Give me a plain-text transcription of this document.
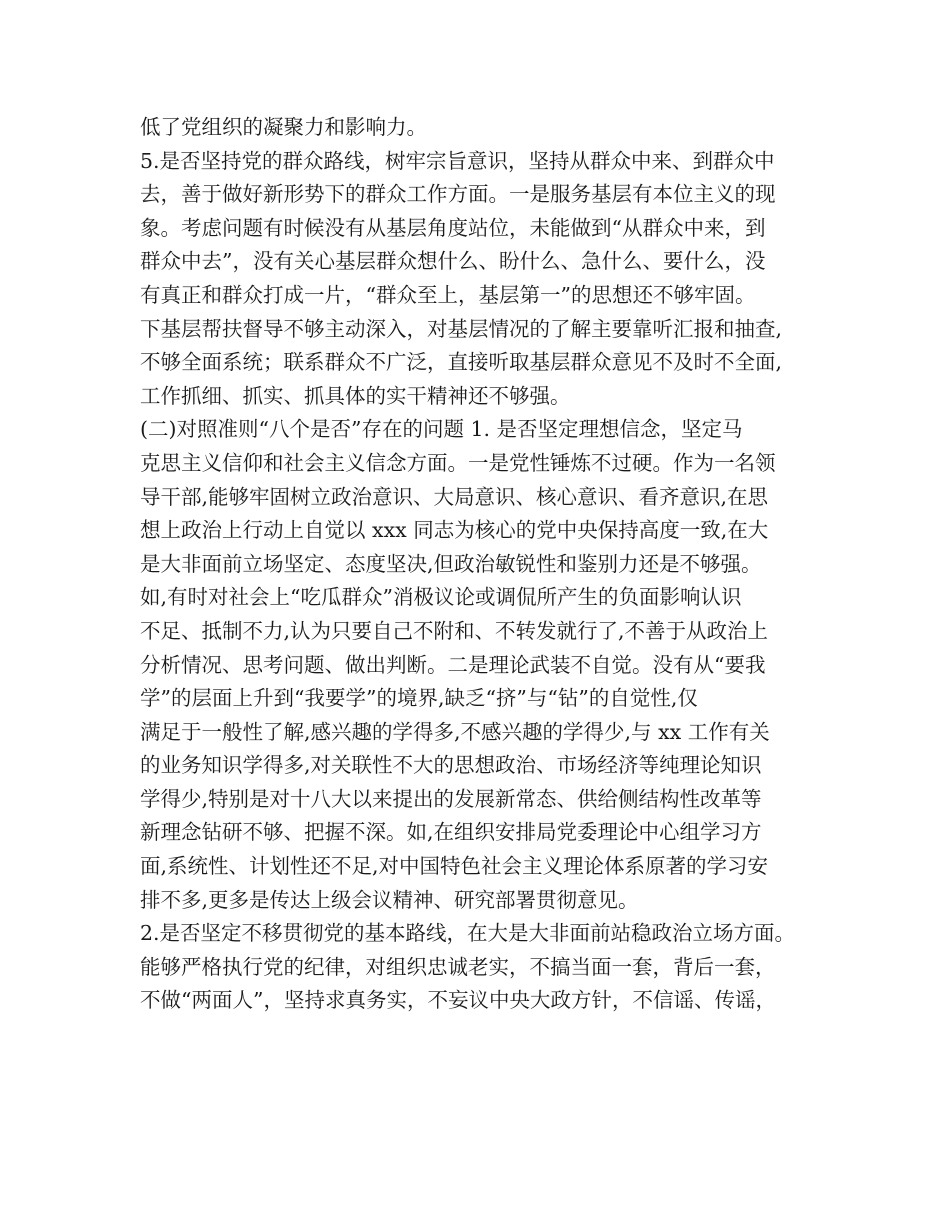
低了党组织的凝聚力和影响力。
5.是否坚持党的群众路线，树牢宗旨意识，坚持从群众中来、到群众中
去，善于做好新形势下的群众工作方面。一是服务基层有本位主义的现
象。考虑问题有时候没有从基层角度站位，未能做到“从群众中来，到
群众中去”，没有关心基层群众想什么、盼什么、急什么、要什么，没
有真正和群众打成一片，“群众至上，基层第一”的思想还不够牢固。
下基层帮扶督导不够主动深入，对基层情况的了解主要靠听汇报和抽查,
不够全面系统；联系群众不广泛，直接听取基层群众意见不及时不全面,
工作抓细、抓实、抓具体的实干精神还不够强。
(二)对照准则“八个是否”存在的问题 1. 是否坚定理想信念，坚定马
克思主义信仰和社会主义信念方面。一是党性锤炼不过硬。作为一名领
导干部,能够牢固树立政治意识、大局意识、核心意识、看齐意识,在思
想上政治上行动上自觉以 xxx 同志为核心的党中央保持高度一致,在大
是大非面前立场坚定、态度坚决,但政治敏锐性和鉴别力还是不够强。
如,有时对社会上“吃瓜群众”消极议论或调侃所产生的负面影响认识
不足、抵制不力,认为只要自己不附和、不转发就行了,不善于从政治上
分析情况、思考问题、做出判断。二是理论武装不自觉。没有从“要我
学”的层面上升到“我要学”的境界,缺乏“挤”与“钻”的自觉性,仅
满足于一般性了解,感兴趣的学得多,不感兴趣的学得少,与 xx 工作有关
的业务知识学得多,对关联性不大的思想政治、市场经济等纯理论知识
学得少,特别是对十八大以来提出的发展新常态、供给侧结构性改革等
新理念钻研不够、把握不深。如,在组织安排局党委理论中心组学习方
面,系统性、计划性还不足,对中国特色社会主义理论体系原著的学习安
排不多,更多是传达上级会议精神、研究部署贯彻意见。
2.是否坚定不移贯彻党的基本路线，在大是大非面前站稳政治立场方面。
能够严格执行党的纪律，对组织忠诚老实，不搞当面一套，背后一套，
不做“两面人”，坚持求真务实，不妄议中央大政方针，不信谣、传谣，
